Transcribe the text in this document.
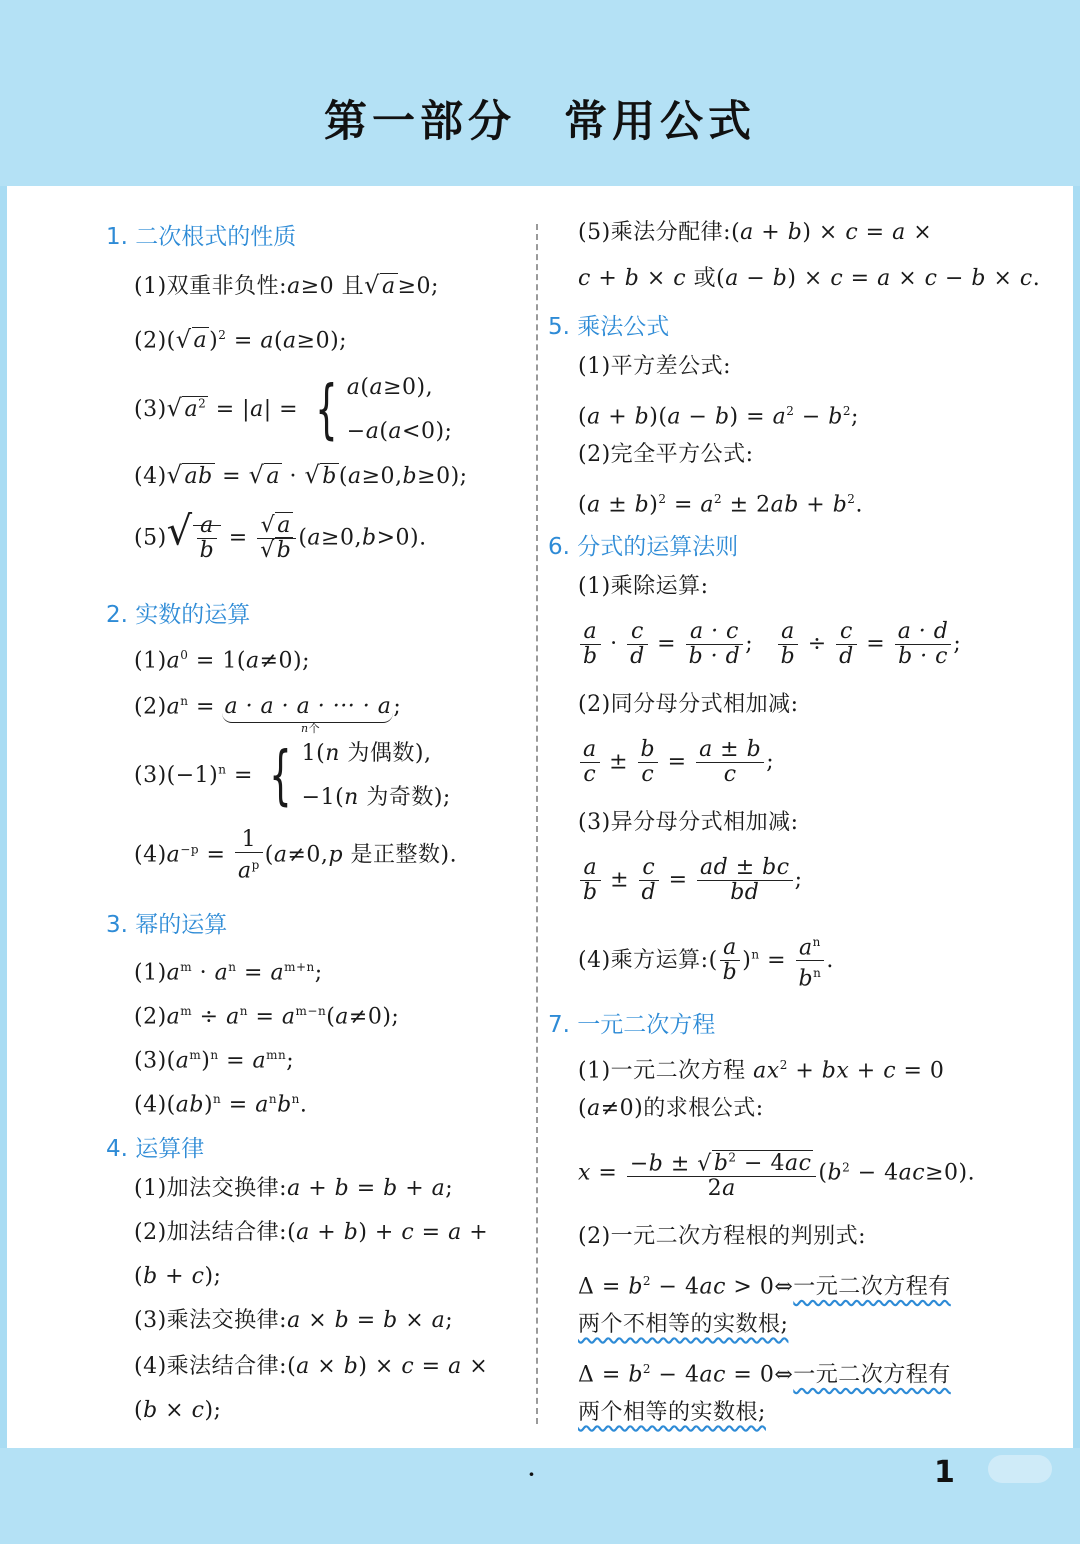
第一部分 常用公式
·	1
1. 二次根式的性质
(1)双重非负性:a≥0 且√a≥0;
$(2)(√a)^2 = a(a\ge 0)$;
$(3)√a^2 = |a|$ = { a(a≥0),
−a(a<0);
(4)√ab = √a · √b(a≥0,b≥0);
$(5)√ \frac{a}{b} = \frac{√a}{√b} (a\ge 0,b>0)$.
2. 实数的运算
$(1)a^0 = 1(a\ne 0)$;
$(2)a^n = a \cdot a \cdot a$ · ··· · a
n个
;
$(3)(-1)^n$ = { 1(n 为偶数),
−1(n 为奇数);
$(4)a^{-p} = \frac{1}{a^p} (a\ne 0,p$ 是正整数).
3. 幂的运算
$(1)a^m \cdot a^n = a^{m+n}$;
$(2)a^m \div a^n = a^{m-n}(a\ne 0)$;
$(3)(a^m)^n = a^{mn}$;
$(4)(ab)^n = a^nb^n$.
4. 运算律
(1)加法交换律:a + b = b + a;
(2)加法结合律:(a + b) + c = a +
(b + c);
(3)乘法交换律:a × b = b × a;
(4)乘法结合律:(a × b) × c = a ×
(b × c);
(5)乘法分配律:(a + b) × c = a ×
c + b × c 或(a − b) × c = a × c − b × c.
5. 乘法公式
(1)平方差公式:
$(a + b)(a - b) = a^2 - b^2$;
(2)完全平方公式:
$(a \pm b)^2 = a^2 \pm 2ab + b^2$.
6. 分式的运算法则
(1)乘除运算:
$\frac{a}{b} \cdot \frac{c}{d} = \frac{a \cdot c}{b \cdot d}$ ; $\frac{a}{b} \div \frac{c}{d} = \frac{a \cdot d}{b \cdot c}$ ;
(2)同分母分式相加减:
$\frac{a}{c} \pm \frac{b}{c} = \frac{a \pm b}{c}$ ;
(3)异分母分式相加减:
$\frac{a}{b} \pm \frac{c}{d} = \frac{ad \pm bc}{bd}$ ;
(4)乘方运算:( $\frac{a}{b} )^n = \frac{a^n}{b^n}$ .
7. 一元二次方程
(1)一元二次方程 $ax^2$ + bx + c = 0
(a≠0)的求根公式:
$x = \frac{-b \pm √b^2 - 4ac}{2a} (b^2 - 4ac\ge 0)$.
(2)一元二次方程根的判别式:
$\Delta = b^2 - 4ac$ > 0⇔一元二次方程有
两个不相等的实数根;
$\Delta = b^2 - 4ac$ = 0⇔一元二次方程有
两个相等的实数根;
